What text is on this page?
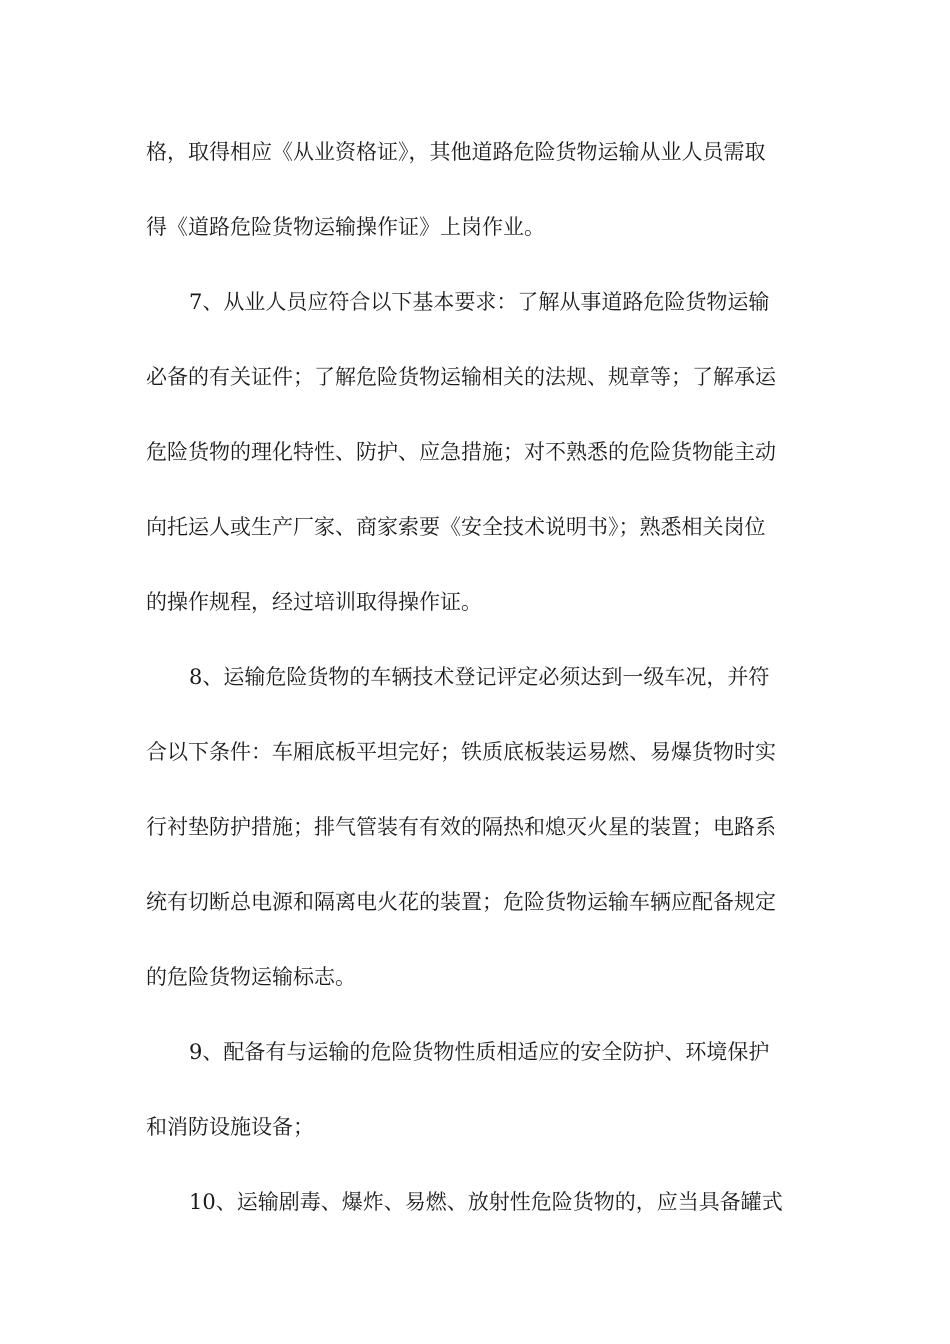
格，取得相应《从业资格证》，其他道路危险货物运输从业人员需取
得《道路危险货物运输操作证》上岗作业。
7、从业人员应符合以下基本要求：了解从事道路危险货物运输
必备的有关证件；了解危险货物运输相关的法规、规章等；了解承运
危险货物的理化特性、防护、应急措施；对不熟悉的危险货物能主动
向托运人或生产厂家、商家索要《安全技术说明书》；熟悉相关岗位
的操作规程，经过培训取得操作证。
8、运输危险货物的车辆技术登记评定必须达到一级车况，并符
合以下条件：车厢底板平坦完好；铁质底板装运易燃、易爆货物时实
行衬垫防护措施；排气管装有有效的隔热和熄灭火星的装置；电路系
统有切断总电源和隔离电火花的装置；危险货物运输车辆应配备规定
的危险货物运输标志。
9、配备有与运输的危险货物性质相适应的安全防护、环境保护
和消防设施设备；
10、运输剧毒、爆炸、易燃、放射性危险货物的，应当具备罐式
